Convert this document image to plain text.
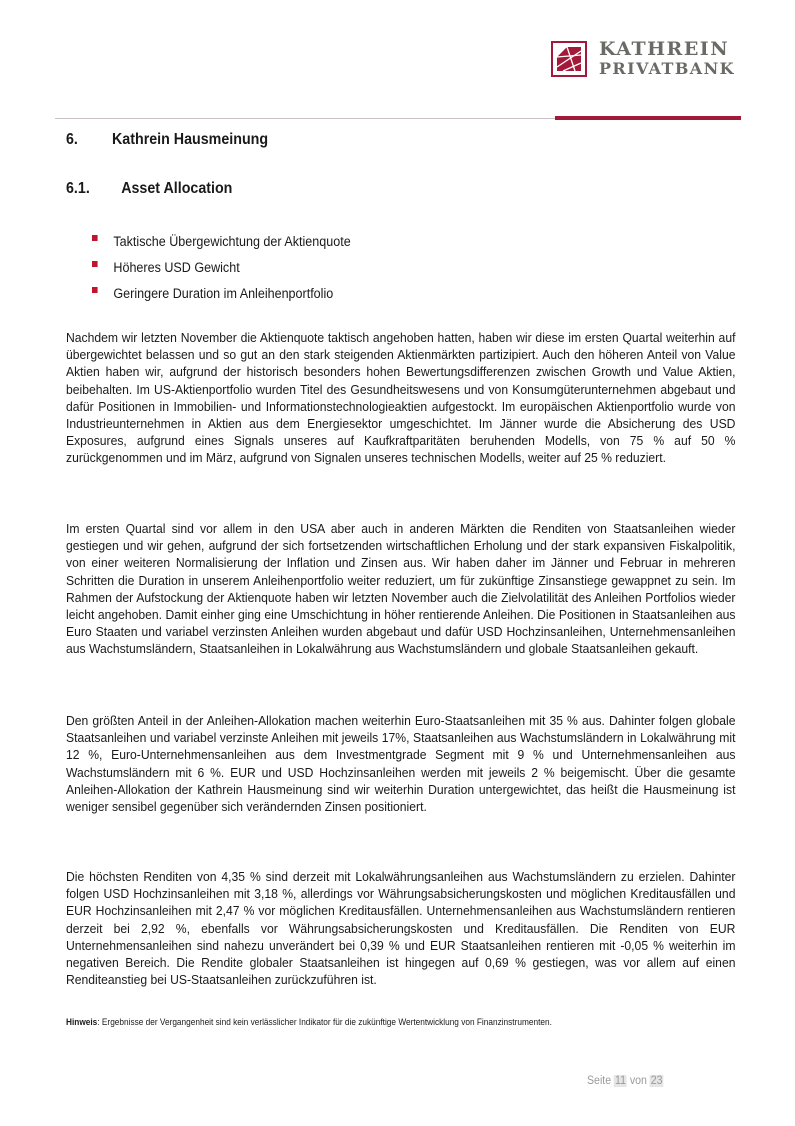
KATHREIN
PRIVATBANK
6. Kathrein Hausmeinung
6.1. Asset Allocation
Taktische Übergewichtung der Aktienquote
Höheres USD Gewicht
Geringere Duration im Anleihenportfolio
Nachdem wir letzten November die Aktienquote taktisch angehoben hatten, haben wir diese im ersten Quartal weiterhin auf übergewichtet belassen und so gut an den stark steigenden Aktienmärkten partizipiert. Auch den höheren Anteil von Value Aktien haben wir, aufgrund der historisch besonders hohen Bewertungsdifferenzen zwischen Growth und Value Aktien, beibehalten. Im US-Aktienportfolio wurden Titel des Gesundheitswesens und von Konsumgüterunternehmen abgebaut und dafür Positionen in Immobilien- und Informationstechnologieaktien aufgestockt. Im europäischen Aktienportfolio wurde von Industrieunternehmen in Aktien aus dem Energiesektor umgeschichtet. Im Jänner wurde die Absicherung des USD Exposures, aufgrund eines Signals unseres auf Kaufkraftparitäten beruhenden Modells, von 75 % auf 50 % zurückgenommen und im März, aufgrund von Signalen unseres technischen Modells, weiter auf 25 % reduziert.
Im ersten Quartal sind vor allem in den USA aber auch in anderen Märkten die Renditen von Staatsanleihen wieder gestiegen und wir gehen, aufgrund der sich fortsetzenden wirtschaftlichen Erholung und der stark expansiven Fiskalpolitik, von einer weiteren Normalisierung der Inflation und Zinsen aus. Wir haben daher im Jänner und Februar in mehreren Schritten die Duration in unserem Anleihenportfolio weiter reduziert, um für zukünftige Zinsanstiege gewappnet zu sein. Im Rahmen der Aufstockung der Aktienquote haben wir letzten November auch die Zielvolatilität des Anleihen Portfolios wieder leicht angehoben. Damit einher ging eine Umschichtung in höher rentierende Anleihen. Die Positionen in Staatsanleihen aus Euro Staaten und variabel verzinsten Anleihen wurden abgebaut und dafür USD Hochzinsanleihen, Unternehmensanleihen aus Wachstumsländern, Staatsanleihen in Lokalwährung aus Wachstumsländern und globale Staatsanleihen gekauft.
Den größten Anteil in der Anleihen-Allokation machen weiterhin Euro-Staatsanleihen mit 35 % aus. Dahinter folgen globale Staatsanleihen und variabel verzinste Anleihen mit jeweils 17%, Staatsanleihen aus Wachstumsländern in Lokalwährung mit 12 %, Euro-Unternehmensanleihen aus dem Investmentgrade Segment mit 9 % und Unternehmensanleihen aus Wachstumsländern mit 6 %. EUR und USD Hochzinsanleihen werden mit jeweils 2 % beigemischt. Über die gesamte Anleihen-Allokation der Kathrein Hausmeinung sind wir weiterhin Duration untergewichtet, das heißt die Hausmeinung ist weniger sensibel gegenüber sich verändernden Zinsen positioniert.
Die höchsten Renditen von 4,35 % sind derzeit mit Lokalwährungsanleihen aus Wachstumsländern zu erzielen. Dahinter folgen USD Hochzinsanleihen mit 3,18 %, allerdings vor Währungsabsicherungskosten und möglichen Kreditausfällen und EUR Hochzinsanleihen mit 2,47 % vor möglichen Kreditausfällen. Unternehmensanleihen aus Wachstumsländern rentieren derzeit bei 2,92 %, ebenfalls vor Währungsabsicherungskosten und Kreditausfällen. Die Renditen von EUR Unternehmensanleihen sind nahezu unverändert bei 0,39 % und EUR Staatsanleihen rentieren mit -0,05 % weiterhin im negativen Bereich. Die Rendite globaler Staatsanleihen ist hingegen auf 0,69 % gestiegen, was vor allem auf einen Renditeanstieg bei US-Staatsanleihen zurückzuführen ist.
Hinweis: Ergebnisse der Vergangenheit sind kein verlässlicher Indikator für die zukünftige Wertentwicklung von Finanzinstrumenten.
Seite 11 von 23
